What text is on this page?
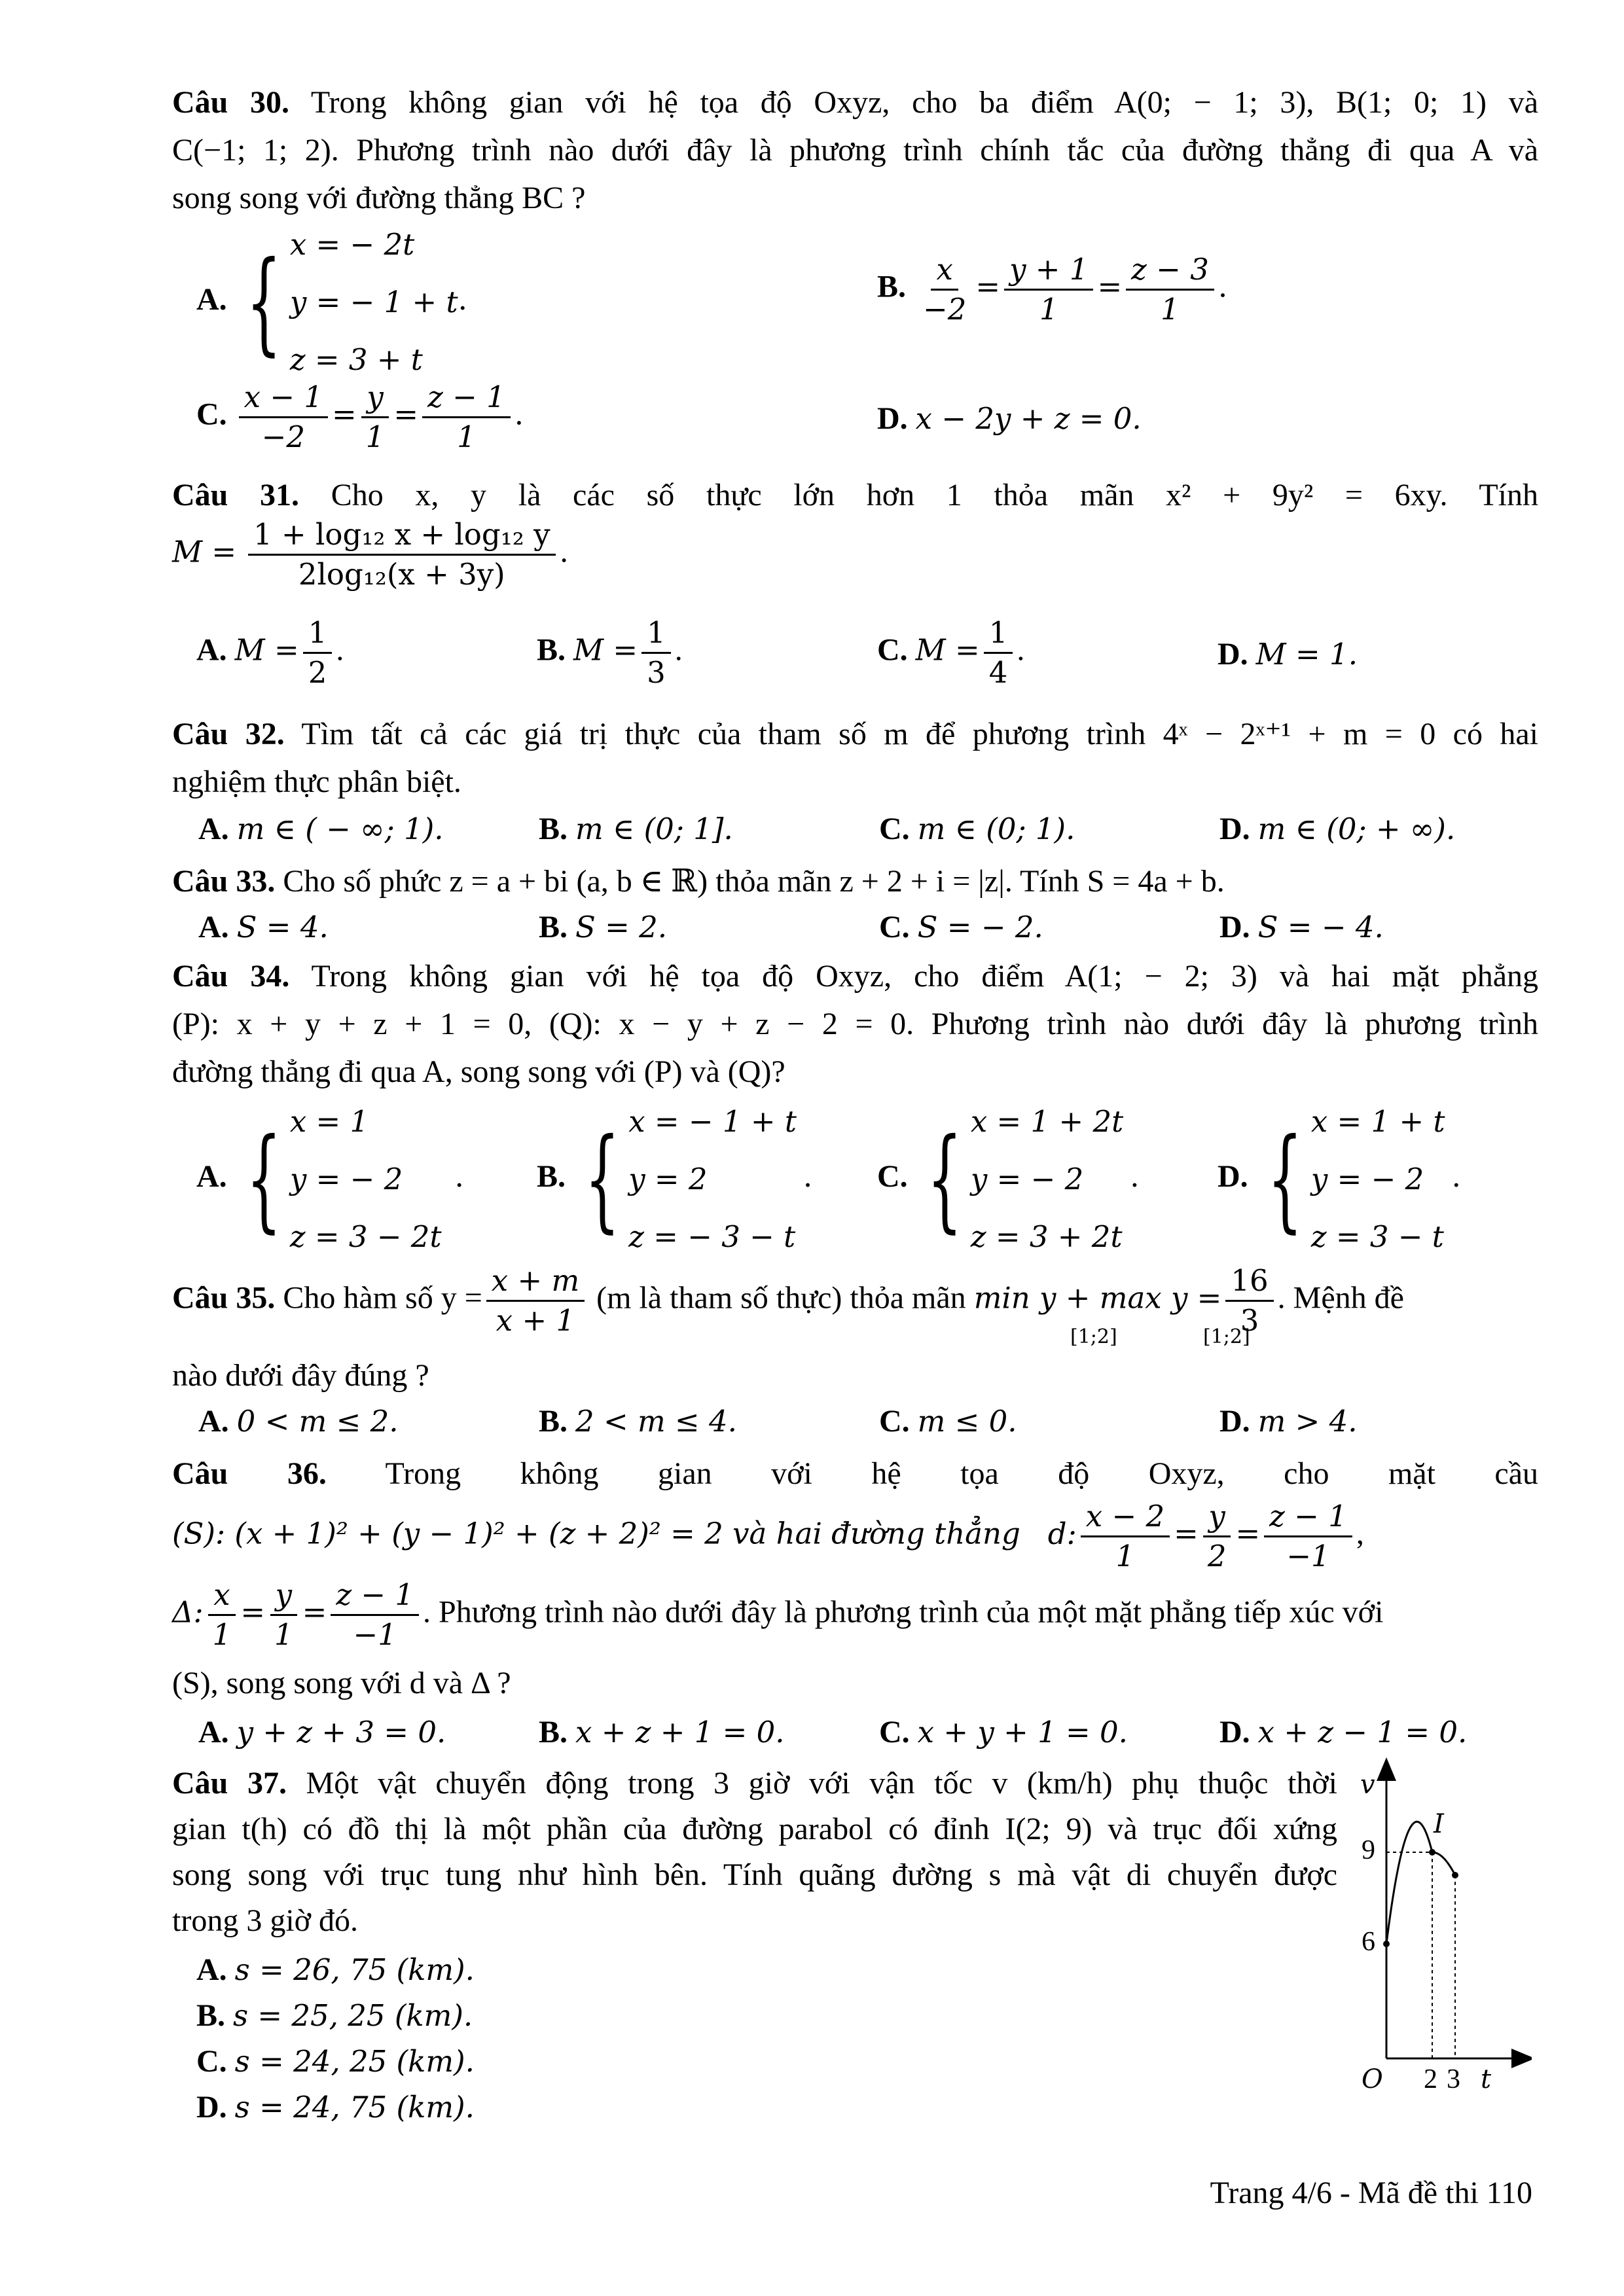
Câu 30. Trong không gian với hệ tọa độ Oxyz, cho ba điểm A(0; − 1; 3), B(1; 0; 1) và
C(−1; 1; 2). Phương trình nào dưới đây là phương trình chính tắc của đường thẳng đi qua A và
song song với đường thẳng BC ?
A. { x = − 2t
y = − 1 + t
z = 3 + t
.	B. $\frac{x}{-2} = \frac{y + 1}{1} = \frac{z - 3}{1}$ .
C. $\frac{x - 1}{-2} = \frac{y}{1} = \frac{z - 1}{1}$ .	D. x − 2y + z = 0.
Câu 31. Cho x, y là các số thực lớn hơn 1 thỏa mãn x² + 9y² = 6xy. Tính
$M = \frac{\text{1 + log₁₂ x + log₁₂ y}}{\text{2log₁₂(x + 3y)}}$ .
A. $M = \frac{1}{2}$ .	B. $M = \frac{1}{3}$ .	C. $M = \frac{1}{4}$ .	D. M = 1.
Câu 32. Tìm tất cả các giá trị thực của tham số m để phương trình 4ˣ − 2ˣ⁺¹ + m = 0 có hai
nghiệm thực phân biệt.
A. m ∈ ( − ∞; 1).	B. m ∈ (0; 1].	C. m ∈ (0; 1).	D. m ∈ (0; + ∞).
Câu 33. Cho số phức z = a + bi (a, b ∈ ℝ) thỏa mãn z + 2 + i = |z|. Tính S = 4a + b.
A. S = 4.	B. S = 2.	C. S = − 2.	D. S = − 4.
Câu 34. Trong không gian với hệ tọa độ Oxyz, cho điểm A(1; − 2; 3) và hai mặt phẳng
(P): x + y + z + 1 = 0, (Q): x − y + z − 2 = 0. Phương trình nào dưới đây là phương trình
đường thẳng đi qua A, song song với (P) và (Q)?
A. { x = 1
y = − 2
z = 3 − 2t
. B. { x = − 1 + t
y = 2
z = − 3 − t
. C. { x = 1 + 2t
y = − 2
z = 3 + 2t
. D. { x = 1 + t
y = − 2
z = 3 − t
.
Câu 35. Cho hàm số $y = \frac{x + m}{x + 1} (m$ là tham số thực) thỏa mãn $\min y + \max y = \frac{16}{3}$ . Mệnh đề
[1;2]	[1;2]
nào dưới đây đúng ?
A. 0 < m ≤ 2.	B. 2 < m ≤ 4.	C. m ≤ 0.	D. m > 4.
Câu 36. Trong không gian với hệ tọa độ Oxyz, cho mặt cầu
(S): (x + 1)² + (y − 1)² + (z + 2)² = 2 và hai đường thẳng d: $\frac{x - 2}{1} = \frac{y}{2} = \frac{z - 1}{-1}$ ,
Δ: $\frac{x}{1} = \frac{y}{1} = \frac{z - 1}{-1}$ . Phương trình nào dưới đây là phương trình của một mặt phẳng tiếp xúc với
(S), song song với d và Δ ?
A. y + z + 3 = 0.	B. x + z + 1 = 0.	C. x + y + 1 = 0.	D. x + z − 1 = 0.
Câu 37. Một vật chuyển động trong 3 giờ với vận tốc v (km/h) phụ thuộc thời
gian t(h) có đồ thị là một phần của đường parabol có đỉnh I(2; 9) và trục đối xứng
song song với trục tung như hình bên. Tính quãng đường s mà vật di chuyển được
trong 3 giờ đó.
A. s = 26, 75 (km).
B. s = 25, 25 (km).
C. s = 24, 25 (km).
D. s = 24, 75 (km).
v
t
O
I
9
6
2 3
Trang 4/6 - Mã đề thi 110
